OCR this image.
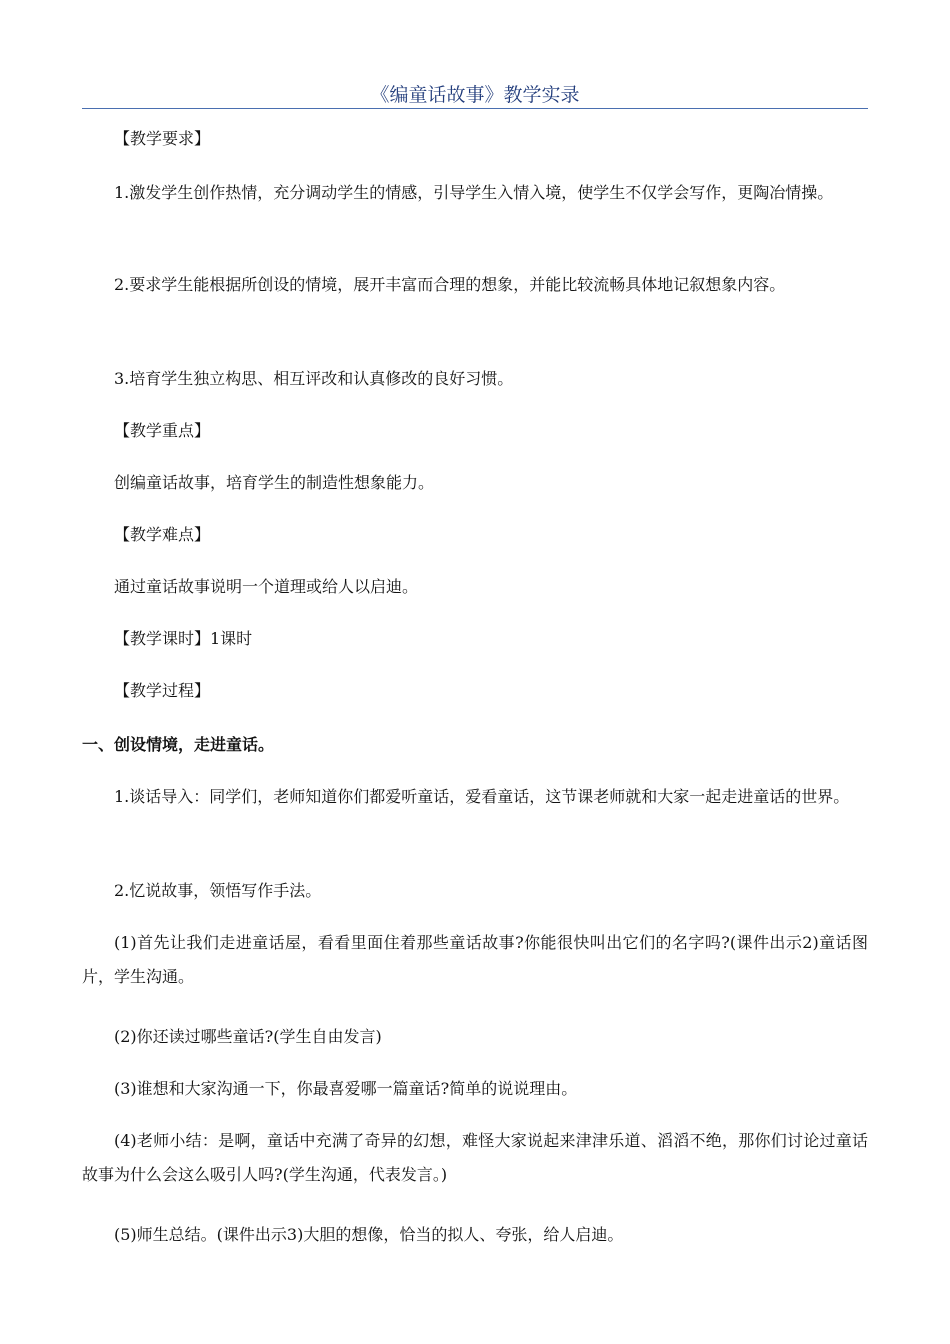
《编童话故事》教学实录

【教学要求】

1.激发学生创作热情，充分调动学生的情感，引导学生入情入境，使学生不仅学会写作，更陶冶情操。

2.要求学生能根据所创设的情境，展开丰富而合理的想象，并能比较流畅具体地记叙想象内容。

3.培育学生独立构思、相互评改和认真修改的良好习惯。

【教学重点】

创编童话故事，培育学生的制造性想象能力。

【教学难点】

通过童话故事说明一个道理或给人以启迪。

【教学课时】1课时

【教学过程】

一、创设情境，走进童话。

1.谈话导入：同学们，老师知道你们都爱听童话，爱看童话，这节课老师就和大家一起走进童话的世界。

2.忆说故事，领悟写作手法。

(1)首先让我们走进童话屋，看看里面住着那些童话故事?你能很快叫出它们的名字吗?(课件出示2)童话图片，学生沟通。

(2)你还读过哪些童话?(学生自由发言)

(3)谁想和大家沟通一下，你最喜爱哪一篇童话?简单的说说理由。

(4)老师小结：是啊，童话中充满了奇异的幻想，难怪大家说起来津津乐道、滔滔不绝，那你们讨论过童话故事为什么会这么吸引人吗?(学生沟通，代表发言。)

(5)师生总结。(课件出示3)大胆的想像，恰当的拟人、夸张，给人启迪。
